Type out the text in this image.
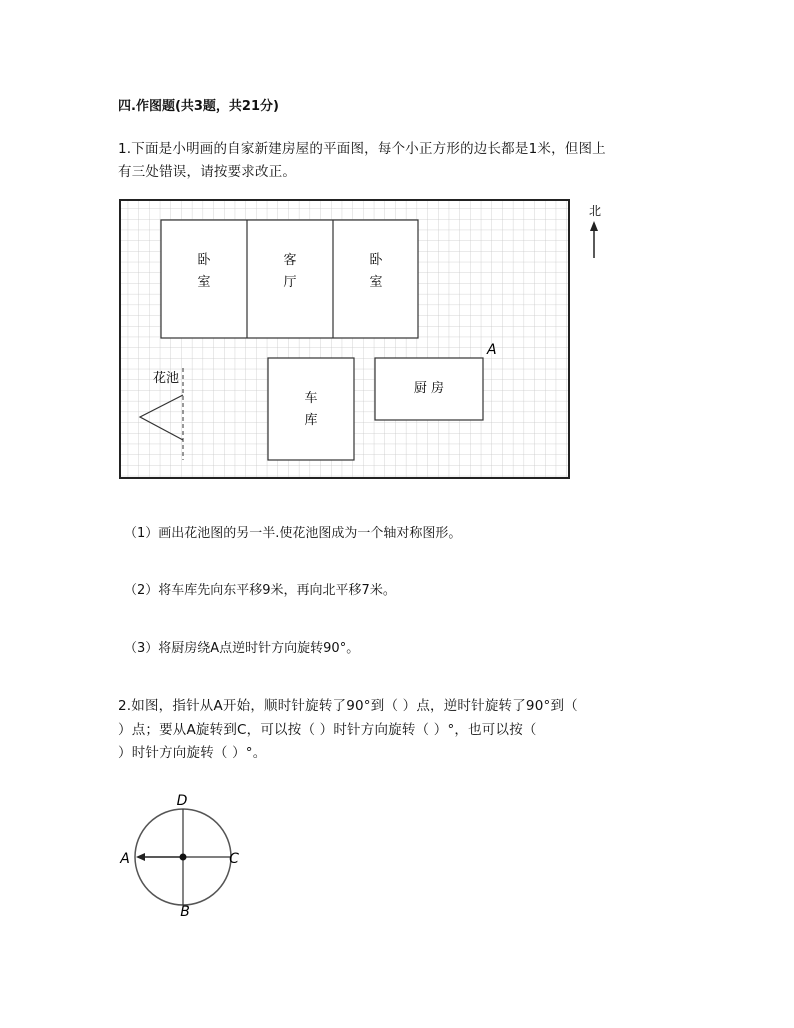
四.作图题(共3题，共21分)
1.下面是小明画的自家新建房屋的平面图，每个小正方形的边长都是1米，但图上
有三处错误，请按要求改正。
卧
室
客
厅
卧
室
车
库
厨 房
A
花池
北
（1）画出花池图的另一半.使花池图成为一个轴对称图形。
（2）将车库先向东平移9米，再向北平移7米。
（3）将厨房绕A点逆时针方向旋转90°。
2.如图，指针从A开始，顺时针旋转了90°到（ ）点，逆时针旋转了90°到（
）点；要从A旋转到C，可以按（ ）时针方向旋转（ ）°，也可以按（
）时针方向旋转（ ）°。
D
B
A	C
